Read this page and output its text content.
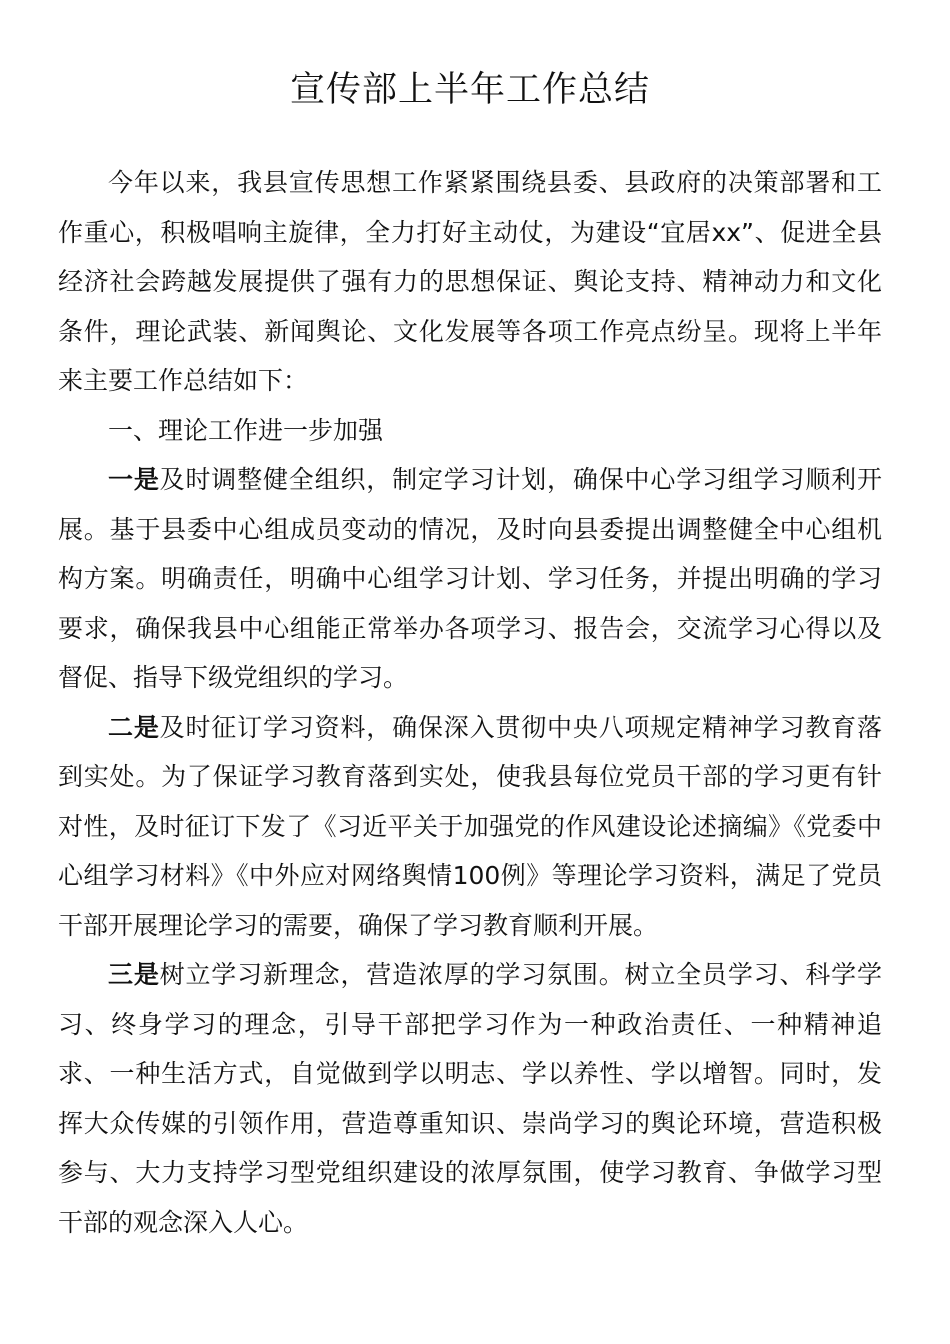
宣传部上半年工作总结

今年以来，我县宣传思想工作紧紧围绕县委、县政府的决策部署和工作重心，积极唱响主旋律，全力打好主动仗，为建设“宜居xx”、促进全县经济社会跨越发展提供了强有力的思想保证、舆论支持、精神动力和文化条件，理论武装、新闻舆论、文化发展等各项工作亮点纷呈。现将上半年来主要工作总结如下：

一、理论工作进一步加强

一是及时调整健全组织，制定学习计划，确保中心学习组学习顺利开展。基于县委中心组成员变动的情况，及时向县委提出调整健全中心组机构方案。明确责任，明确中心组学习计划、学习任务，并提出明确的学习要求，确保我县中心组能正常举办各项学习、报告会，交流学习心得以及督促、指导下级党组织的学习。

二是及时征订学习资料，确保深入贯彻中央八项规定精神学习教育落到实处。为了保证学习教育落到实处，使我县每位党员干部的学习更有针对性，及时征订下发了《习近平关于加强党的作风建设论述摘编》《党委中心组学习材料》《中外应对网络舆情100例》等理论学习资料，满足了党员干部开展理论学习的需要，确保了学习教育顺利开展。

三是树立学习新理念，营造浓厚的学习氛围。树立全员学习、科学学习、终身学习的理念，引导干部把学习作为一种政治责任、一种精神追求、一种生活方式，自觉做到学以明志、学以养性、学以增智。同时，发挥大众传媒的引领作用，营造尊重知识、崇尚学习的舆论环境，营造积极参与、大力支持学习型党组织建设的浓厚氛围，使学习教育、争做学习型干部的观念深入人心。
